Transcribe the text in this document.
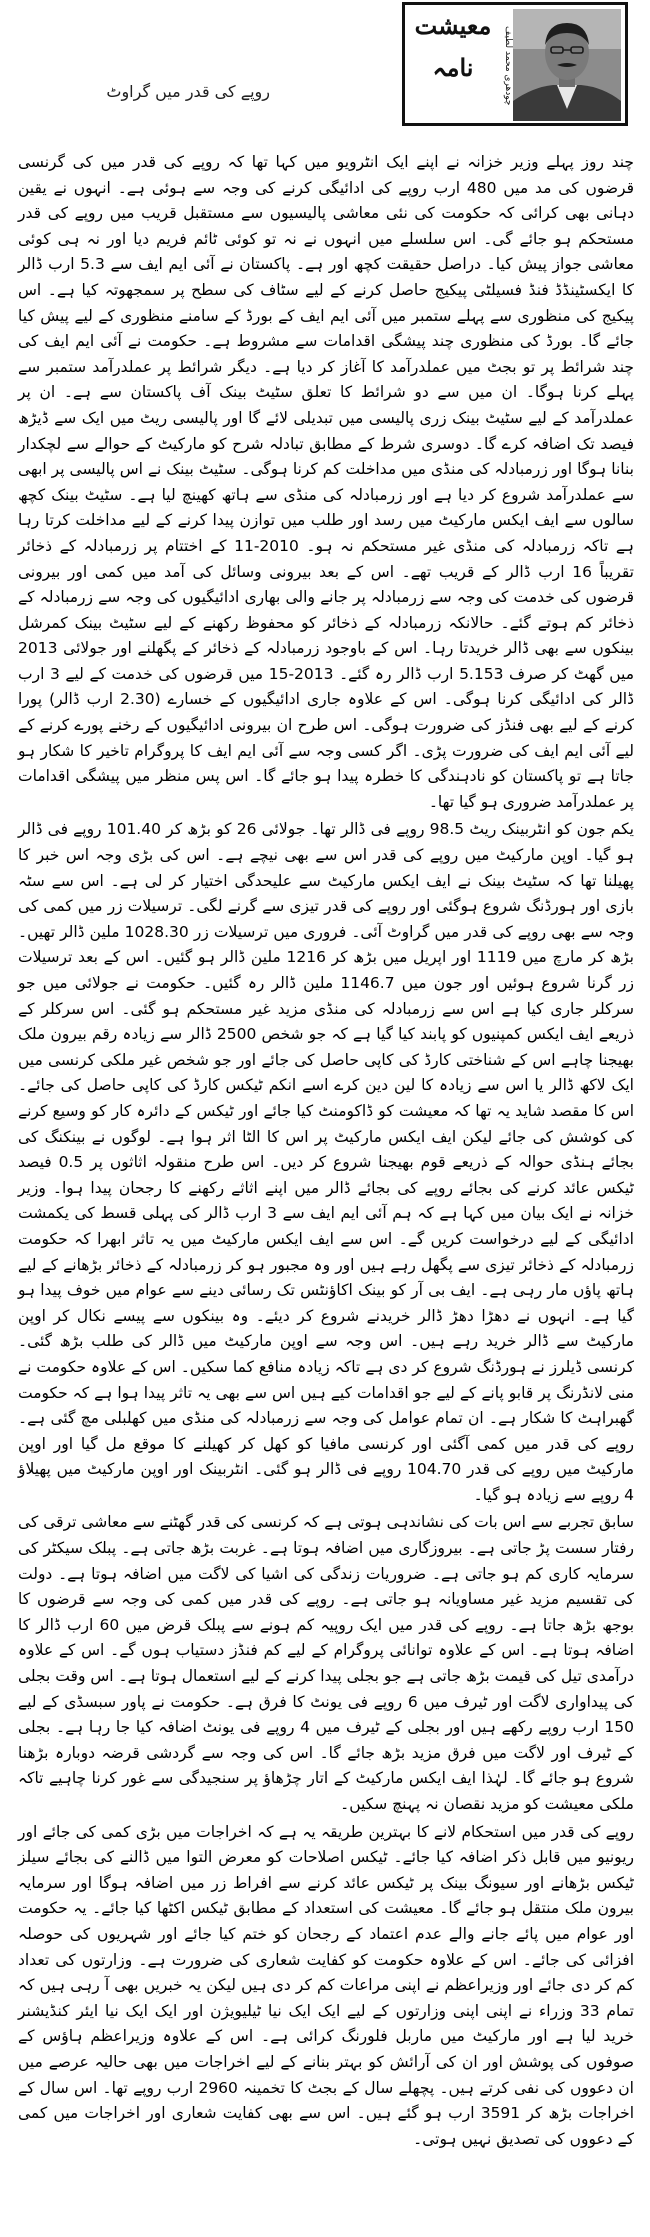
روپے کی قدر میں گراوٹ
معیشت
نامہ	چودھری محمد لطیف

چند روز پہلے وزیر خزانہ نے اپنے ایک انٹرویو میں کہا تھا کہ روپے کی قدر میں کی گرنسی قرضوں کی مد میں 480 ارب روپے کی ادائیگی کرنے کی وجہ سے ہوئی ہے۔ انہوں نے یقین دہانی بھی کرائی کہ حکومت کی نئی معاشی پالیسیوں سے مستقبل قریب میں روپے کی قدر مستحکم ہو جائے گی۔ اس سلسلے میں انہوں نے نہ تو کوئی ٹائم فریم دیا اور نہ ہی کوئی معاشی جواز پیش کیا۔ دراصل حقیقت کچھ اور ہے۔ پاکستان نے آئی ایم ایف سے 5.3 ارب ڈالر کا ایکسٹینڈڈ فنڈ فسیلٹی پیکیج حاصل کرنے کے لیے سٹاف کی سطح پر سمجھوتہ کیا ہے۔ اس پیکیج کی منظوری سے پہلے ستمبر میں آئی ایم ایف کے بورڈ کے سامنے منظوری کے لیے پیش کیا جائے گا۔ بورڈ کی منظوری چند پیشگی اقدامات سے مشروط ہے۔ حکومت نے آئی ایم ایف کی چند شرائط پر تو بجٹ میں عملدرآمد کا آغاز کر دیا ہے۔ دیگر شرائط پر عملدرآمد ستمبر سے پہلے کرنا ہوگا۔ ان میں سے دو شرائط کا تعلق سٹیٹ بینک آف پاکستان سے ہے۔ ان پر عملدرآمد کے لیے سٹیٹ بینک زری پالیسی میں تبدیلی لائے گا اور پالیسی ریٹ میں ایک سے ڈیڑھ فیصد تک اضافہ کرے گا۔ دوسری شرط کے مطابق تبادلہ شرح کو مارکیٹ کے حوالے سے لچکدار بنانا ہوگا اور زرمبادلہ کی منڈی میں مداخلت کم کرنا ہوگی۔ سٹیٹ بینک نے اس پالیسی پر ابھی سے عملدرآمد شروع کر دیا ہے اور زرمبادلہ کی منڈی سے ہاتھ کھینچ لیا ہے۔ سٹیٹ بینک کچھ سالوں سے ایف ایکس مارکیٹ میں رسد اور طلب میں توازن پیدا کرنے کے لیے مداخلت کرتا رہا ہے تاکہ زرمبادلہ کی منڈی غیر مستحکم نہ ہو۔ 2010-11 کے اختتام پر زرمبادلہ کے ذخائر تقریباً 16 ارب ڈالر کے قریب تھے۔ اس کے بعد بیرونی وسائل کی آمد میں کمی اور بیرونی قرضوں کی خدمت کی وجہ سے زرمبادلہ پر جانے والی بھاری ادائیگیوں کی وجہ سے زرمبادلہ کے ذخائر کم ہوتے گئے۔ حالانکہ زرمبادلہ کے ذخائر کو محفوظ رکھنے کے لیے سٹیٹ بینک کمرشل بینکوں سے بھی ڈالر خریدتا رہا۔ اس کے باوجود زرمبادلہ کے ذخائر کے پگھلنے اور جولائی 2013 میں گھٹ کر صرف 5.153 ارب ڈالر رہ گئے۔ 2013-15 میں قرضوں کی خدمت کے لیے 3 ارب ڈالر کی ادائیگی کرنا ہوگی۔ اس کے علاوہ جاری ادائیگیوں کے خسارے (2.30 ارب ڈالر) پورا کرنے کے لیے بھی فنڈز کی ضرورت ہوگی۔ اس طرح ان بیرونی ادائیگیوں کے رخنے پورے کرنے کے لیے آئی ایم ایف کی ضرورت پڑی۔ اگر کسی وجہ سے آئی ایم ایف کا پروگرام تاخیر کا شکار ہو جاتا ہے تو پاکستان کو نادہندگی کا خطرہ پیدا ہو جائے گا۔ اس پس منظر میں پیشگی اقدامات پر عملدرآمد ضروری ہو گیا تھا۔

یکم جون کو انٹربینک ریٹ 98.5 روپے فی ڈالر تھا۔ جولائی 26 کو بڑھ کر 101.40 روپے فی ڈالر ہو گیا۔ اوپن مارکیٹ میں روپے کی قدر اس سے بھی نیچے ہے۔ اس کی بڑی وجہ اس خبر کا پھیلنا تھا کہ سٹیٹ بینک نے ایف ایکس مارکیٹ سے علیحدگی اختیار کر لی ہے۔ اس سے سٹہ بازی اور ہورڈنگ شروع ہوگئی اور روپے کی قدر تیزی سے گرنے لگی۔ ترسیلات زر میں کمی کی وجہ سے بھی روپے کی قدر میں گراوٹ آئی۔ فروری میں ترسیلات زر 1028.30 ملین ڈالر تھیں۔ بڑھ کر مارچ میں 1119 اور اپریل میں بڑھ کر 1216 ملین ڈالر ہو گئیں۔ اس کے بعد ترسیلات زر گرنا شروع ہوئیں اور جون میں 1146.7 ملین ڈالر رہ گئیں۔ حکومت نے جولائی میں جو سرکلر جاری کیا ہے اس سے زرمبادلہ کی منڈی مزید غیر مستحکم ہو گئی۔ اس سرکلر کے ذریعے ایف ایکس کمپنیوں کو پابند کیا گیا ہے کہ جو شخص 2500 ڈالر سے زیادہ رقم بیرون ملک بھیجنا چاہے اس کے شناختی کارڈ کی کاپی حاصل کی جائے اور جو شخص غیر ملکی کرنسی میں ایک لاکھ ڈالر یا اس سے زیادہ کا لین دین کرے اسے انکم ٹیکس کارڈ کی کاپی حاصل کی جائے۔ اس کا مقصد شاید یہ تھا کہ معیشت کو ڈاکومنٹ کیا جائے اور ٹیکس کے دائرہ کار کو وسیع کرنے کی کوشش کی جائے لیکن ایف ایکس مارکیٹ پر اس کا الٹا اثر ہوا ہے۔ لوگوں نے بینکنگ کی بجائے ہنڈی حوالہ کے ذریعے قوم بھیجنا شروع کر دیں۔ اس طرح منقولہ اثاثوں پر 0.5 فیصد ٹیکس عائد کرنے کی بجائے روپے کی بجائے ڈالر میں اپنے اثاثے رکھنے کا رجحان پیدا ہوا۔ وزیر خزانہ نے ایک بیان میں کہا ہے کہ ہم آئی ایم ایف سے 3 ارب ڈالر کی پہلی قسط کی یکمشت ادائیگی کے لیے درخواست کریں گے۔ اس سے ایف ایکس مارکیٹ میں یہ تاثر ابھرا کہ حکومت زرمبادلہ کے ذخائر تیزی سے پگھل رہے ہیں اور وہ مجبور ہو کر زرمبادلہ کے ذخائر بڑھانے کے لیے ہاتھ پاؤں مار رہی ہے۔ ایف بی آر کو بینک اکاؤنٹس تک رسائی دینے سے عوام میں خوف پیدا ہو گیا ہے۔ انہوں نے دھڑا دھڑ ڈالر خریدنے شروع کر دیئے۔ وہ بینکوں سے پیسے نکال کر اوپن مارکیٹ سے ڈالر خرید رہے ہیں۔ اس وجہ سے اوپن مارکیٹ میں ڈالر کی طلب بڑھ گئی۔ کرنسی ڈیلرز نے ہورڈنگ شروع کر دی ہے تاکہ زیادہ منافع کما سکیں۔ اس کے علاوہ حکومت نے منی لانڈرنگ پر قابو پانے کے لیے جو اقدامات کیے ہیں اس سے بھی یہ تاثر پیدا ہوا ہے کہ حکومت گھبراہٹ کا شکار ہے۔ ان تمام عوامل کی وجہ سے زرمبادلہ کی منڈی میں کھلبلی مچ گئی ہے۔ روپے کی قدر میں کمی آگئی اور کرنسی مافیا کو کھل کر کھیلنے کا موقع مل گیا اور اوپن مارکیٹ میں روپے کی قدر 104.70 روپے فی ڈالر ہو گئی۔ انٹربینک اور اوپن مارکیٹ میں پھیلاؤ 4 روپے سے زیادہ ہو گیا۔

سابق تجربے سے اس بات کی نشاندہی ہوتی ہے کہ کرنسی کی قدر گھٹنے سے معاشی ترقی کی رفتار سست پڑ جاتی ہے۔ بیروزگاری میں اضافہ ہوتا ہے۔ غربت بڑھ جاتی ہے۔ پبلک سیکٹر کی سرمایہ کاری کم ہو جاتی ہے۔ ضروریات زندگی کی اشیا کی لاگت میں اضافہ ہوتا ہے۔ دولت کی تقسیم مزید غیر مساویانہ ہو جاتی ہے۔ روپے کی قدر میں کمی کی وجہ سے قرضوں کا بوجھ بڑھ جاتا ہے۔ روپے کی قدر میں ایک روپیہ کم ہونے سے پبلک قرض میں 60 ارب ڈالر کا اضافہ ہوتا ہے۔ اس کے علاوہ توانائی پروگرام کے لیے کم فنڈز دستیاب ہوں گے۔ اس کے علاوہ درآمدی تیل کی قیمت بڑھ جاتی ہے جو بجلی پیدا کرنے کے لیے استعمال ہوتا ہے۔ اس وقت بجلی کی پیداواری لاگت اور ٹیرف میں 6 روپے فی یونٹ کا فرق ہے۔ حکومت نے پاور سبسڈی کے لیے 150 ارب روپے رکھے ہیں اور بجلی کے ٹیرف میں 4 روپے فی یونٹ اضافہ کیا جا رہا ہے۔ بجلی کے ٹیرف اور لاگت میں فرق مزید بڑھ جائے گا۔ اس کی وجہ سے گردشی قرضہ دوبارہ بڑھنا شروع ہو جائے گا۔ لہٰذا ایف ایکس مارکیٹ کے اتار چڑھاؤ پر سنجیدگی سے غور کرنا چاہیے تاکہ ملکی معیشت کو مزید نقصان نہ پہنچ سکیں۔

روپے کی قدر میں استحکام لانے کا بہترین طریقہ یہ ہے کہ اخراجات میں بڑی کمی کی جائے اور ریونیو میں قابل ذکر اضافہ کیا جائے۔ ٹیکس اصلاحات کو معرض التوا میں ڈالنے کی بجائے سیلز ٹیکس بڑھانے اور سیونگ بینک پر ٹیکس عائد کرنے سے افراط زر میں اضافہ ہوگا اور سرمایہ بیرون ملک منتقل ہو جائے گا۔ معیشت کی استعداد کے مطابق ٹیکس اکٹھا کیا جائے۔ یہ حکومت اور عوام میں پائے جانے والے عدم اعتماد کے رجحان کو ختم کیا جائے اور شہریوں کی حوصلہ افزائی کی جائے۔ اس کے علاوہ حکومت کو کفایت شعاری کی ضرورت ہے۔ وزارتوں کی تعداد کم کر دی جائے اور وزیراعظم نے اپنی مراعات کم کر دی ہیں لیکن یہ خبریں بھی آ رہی ہیں کہ تمام 33 وزراء نے اپنی اپنی وزارتوں کے لیے ایک ایک نیا ٹیلیویژن اور ایک ایک نیا ایئر کنڈیشنر خرید لیا ہے اور مارکیٹ میں ماربل فلورنگ کرائی ہے۔ اس کے علاوہ وزیراعظم ہاؤس کے صوفوں کی پوشش اور ان کی آرائش کو بہتر بنانے کے لیے اخراجات میں بھی حالیہ عرصے میں ان دعووں کی نفی کرتے ہیں۔ پچھلے سال کے بجٹ کا تخمینہ 2960 ارب روپے تھا۔ اس سال کے اخراجات بڑھ کر 3591 ارب ہو گئے ہیں۔ اس سے بھی کفایت شعاری اور اخراجات میں کمی کے دعووں کی تصدیق نہیں ہوتی۔
